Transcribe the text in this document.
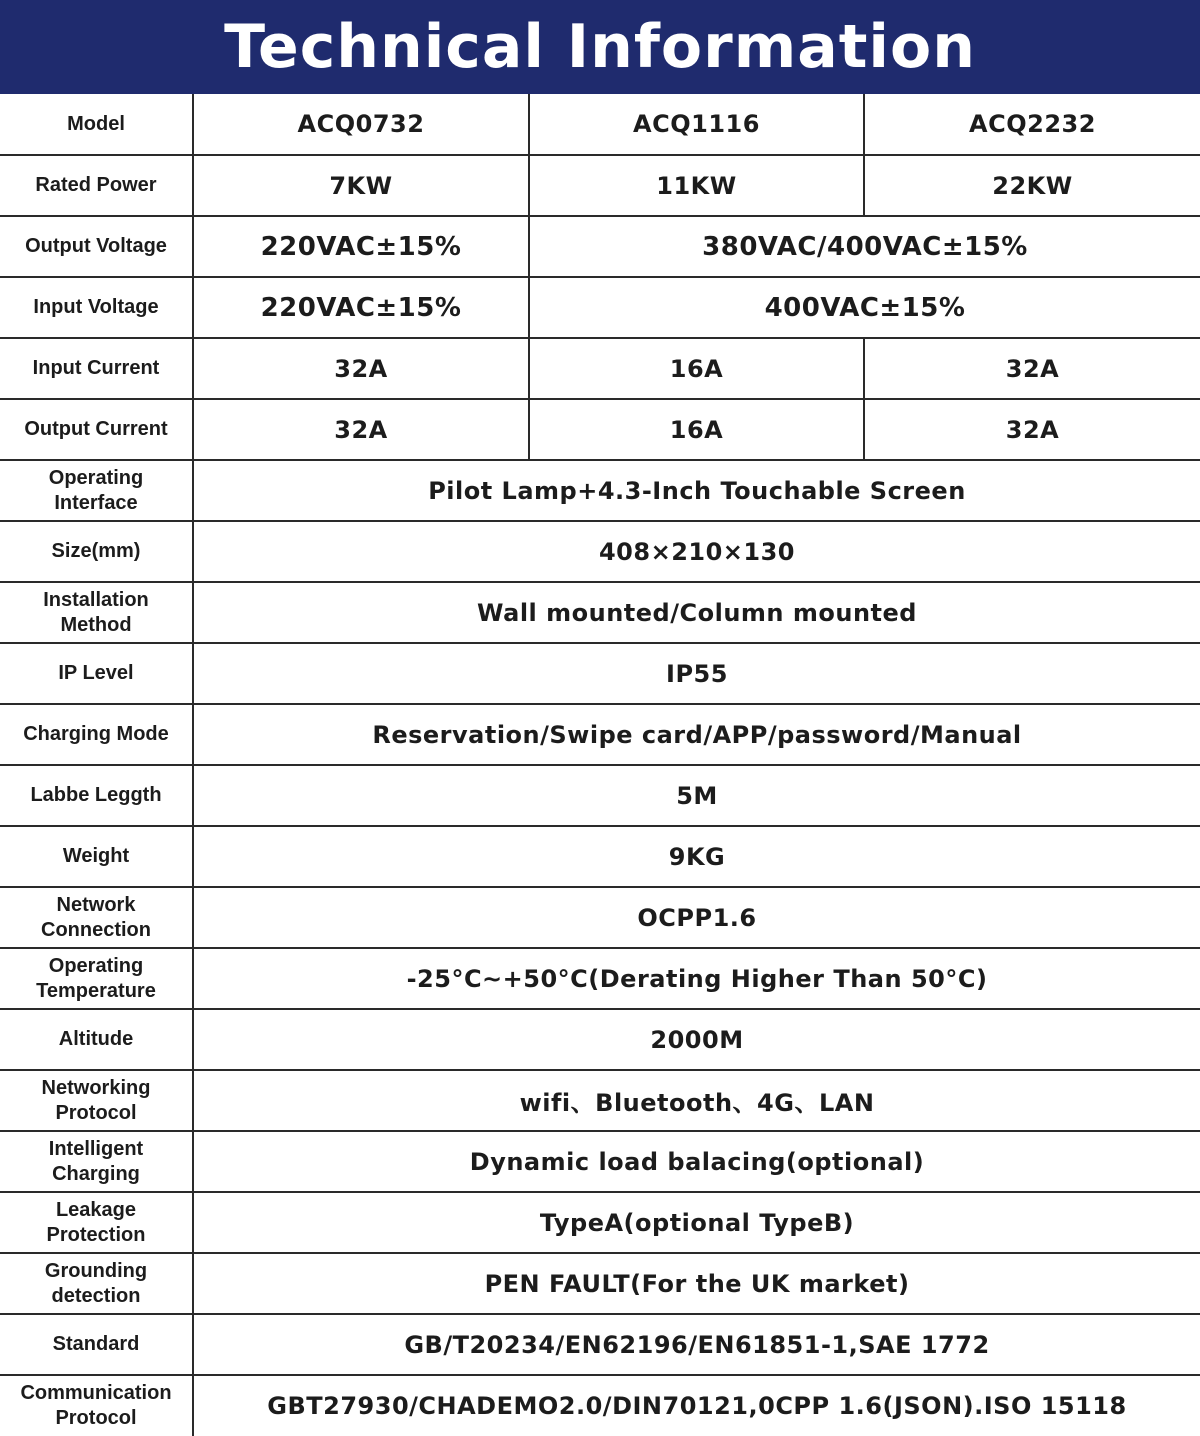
Technical Information
Model	ACQ0732	ACQ1116	ACQ2232
Rated Power	7KW	11KW	22KW
Output Voltage	220VAC±15%	380VAC/400VAC±15%	
Input Voltage	220VAC±15%	400VAC±15%	
Input Current	32A	16A	32A
Output Current	32A	16A	32A
Operating Interface	Pilot Lamp+4.3-Inch Touchable Screen		
Size(mm)	408×210×130		
Installation Method	Wall mounted/Column mounted		
IP Level	IP55		
Charging Mode	Reservation/Swipe card/APP/password/Manual		
Labbe Leggth	5M		
Weight	9KG		
Network Connection	OCPP1.6		
Operating Temperature	-25°C~+50°C(Derating Higher Than 50°C)		
Altitude	2000M		
Networking Protocol	wifi、Bluetooth、4G、LAN		
Intelligent Charging	Dynamic load balacing(optional)		
Leakage Protection	TypeA(optional TypeB)		
Grounding detection	PEN FAULT(For the UK market)		
Standard	GB/T20234/EN62196/EN61851-1,SAE 1772		
Communication Protocol	GBT27930/CHADEMO2.0/DIN70121,0CPP 1.6(JSON).ISO 15118		
